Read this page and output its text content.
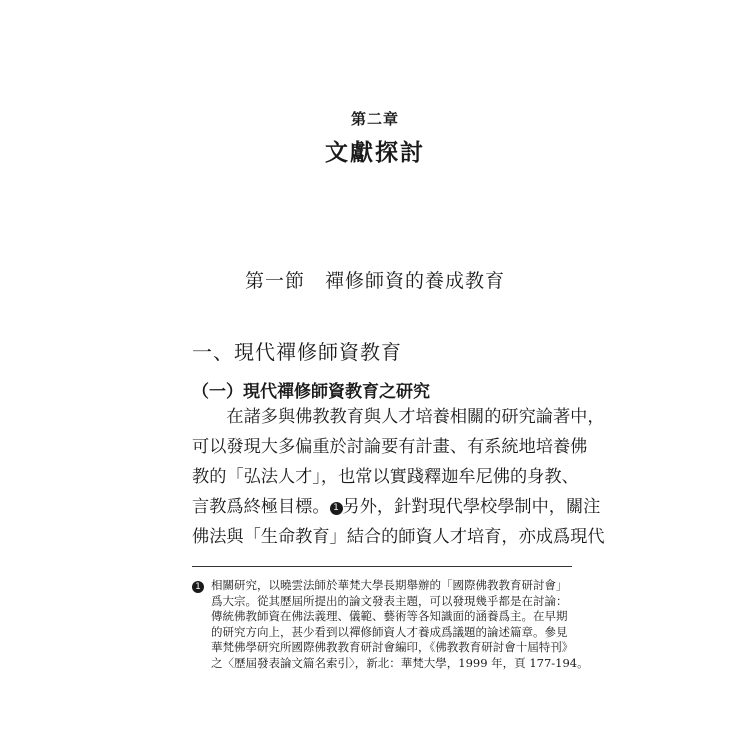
第二章
文獻探討
第一節　禪修師資的養成教育
一、現代禪修師資教育
（一）現代禪修師資教育之研究
　　在諸多與佛教教育與人才培養相關的研究論著中，
可以發現大多偏重於討論要有計畫、有系統地培養佛
教的「弘法人才」，也常以實踐釋迦牟尼佛的身教、
言教爲終極目標。 1 另外，針對現代學校學制中，關注
佛法與「生命教育」結合的師資人才培育，亦成爲現代
1 相關研究，以曉雲法師於華梵大學長期舉辦的「國際佛教教育研討會」
爲大宗。從其歷屆所提出的論文發表主題，可以發現幾乎都是在討論：
傳統佛教師資在佛法義理、儀範、藝術等各知識面的涵養爲主。在早期
的研究方向上，甚少看到以禪修師資人才養成爲議題的論述篇章。參見
華梵佛學研究所國際佛教教育研討會編印，《佛教教育研討會十屆特刊》
之〈歷屆發表論文篇名索引〉，新北：華梵大學，1999 年，頁 177-194。
